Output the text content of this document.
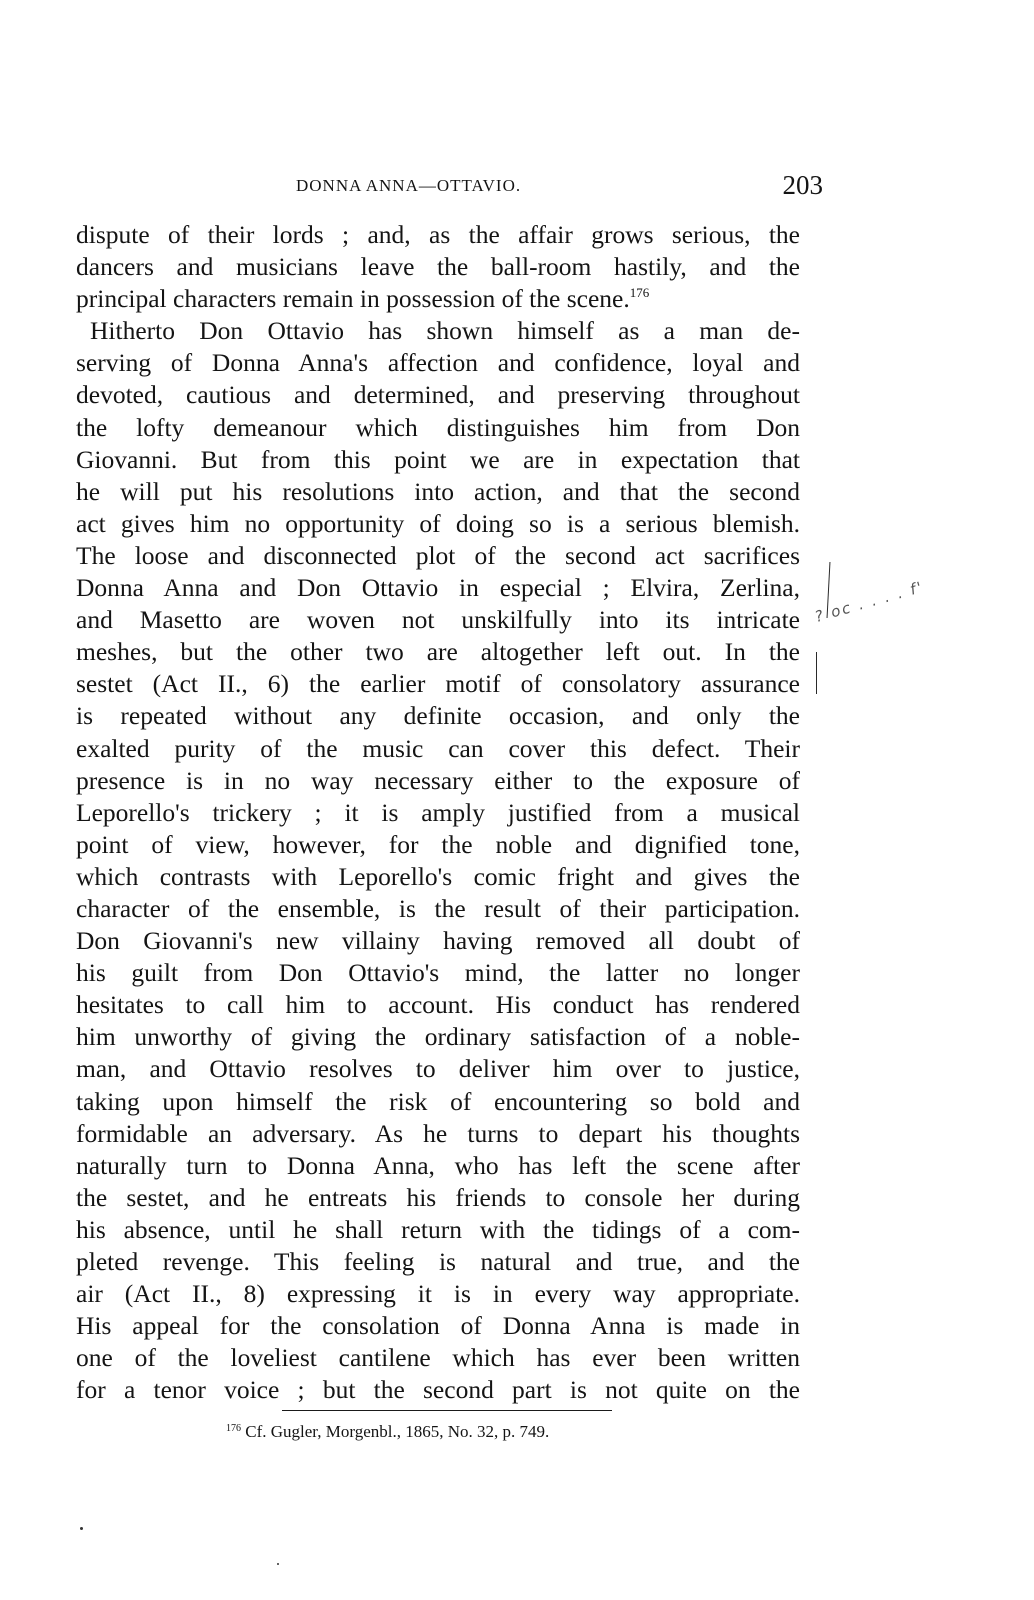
DONNA ANNA—OTTAVIO.	203
dispute of their lords ; and, as the affair grows serious, the
dancers and musicians leave the ball-room hastily, and the
principal characters remain in possession of the scene.$^{176}$
Hitherto Don Ottavio has shown himself as a man de-
serving of Donna Anna's affection and confidence, loyal and
devoted, cautious and determined, and preserving throughout
the lofty demeanour which distinguishes him from Don
Giovanni. But from this point we are in expectation that
he will put his resolutions into action, and that the second
act gives him no opportunity of doing so is a serious blemish.
The loose and disconnected plot of the second act sacrifices
Donna Anna and Don Ottavio in especial ; Elvira, Zerlina,
and Masetto are woven not unskilfully into its intricate
meshes, but the other two are altogether left out. In the
sestet (Act II., 6) the earlier motif of consolatory assurance
is repeated without any definite occasion, and only the
exalted purity of the music can cover this defect. Their
presence is in no way necessary either to the exposure of
Leporello's trickery ; it is amply justified from a musical
point of view, however, for the noble and dignified tone,
which contrasts with Leporello's comic fright and gives the
character of the ensemble, is the result of their participation.
Don Giovanni's new villainy having removed all doubt of
his guilt from Don Ottavio's mind, the latter no longer
hesitates to call him to account. His conduct has rendered
him unworthy of giving the ordinary satisfaction of a noble-
man, and Ottavio resolves to deliver him over to justice,
taking upon himself the risk of encountering so bold and
formidable an adversary. As he turns to depart his thoughts
naturally turn to Donna Anna, who has left the scene after
the sestet, and he entreats his friends to console her during
his absence, until he shall return with the tidings of a com-
pleted revenge. This feeling is natural and true, and the
air (Act II., 8) expressing it is in every way appropriate.
His appeal for the consolation of Donna Anna is made in
one of the loveliest cantilene which has ever been written
for a tenor voice ; but the second part is not quite on the
? oc . . . . f'
$^{176}$ Cf. Gugler, Morgenbl., 1865, No. 32, p. 749.
